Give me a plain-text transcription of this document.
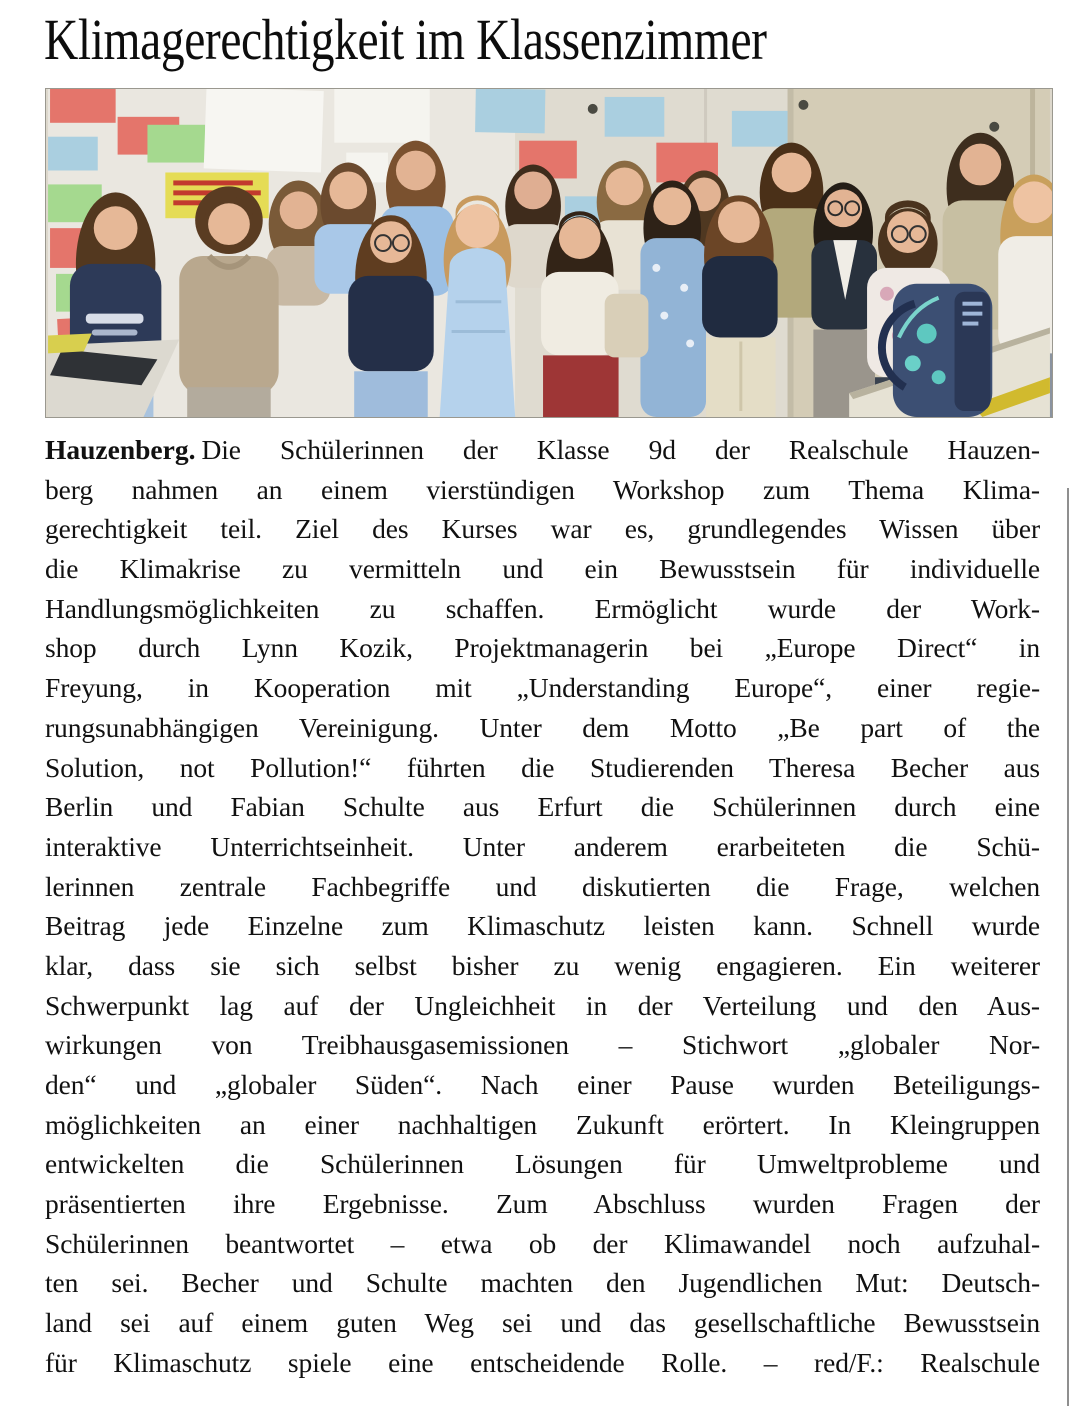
Klimagerechtigkeit im Klassenzimmer
Hauzenberg. Die Schülerinnen der Klasse 9d der Realschule Hauzen-
berg nahmen an einem vierstündigen Workshop zum Thema Klima-
gerechtigkeit teil. Ziel des Kurses war es, grundlegendes Wissen über
die Klimakrise zu vermitteln und ein Bewusstsein für individuelle
Handlungsmöglichkeiten zu schaffen. Ermöglicht wurde der Work-
shop durch Lynn Kozik, Projektmanagerin bei „Europe Direct“ in
Freyung, in Kooperation mit „Understanding Europe“, einer regie-
rungsunabhängigen Vereinigung. Unter dem Motto „Be part of the
Solution, not Pollution!“ führten die Studierenden Theresa Becher aus
Berlin und Fabian Schulte aus Erfurt die Schülerinnen durch eine
interaktive Unterrichtseinheit. Unter anderem erarbeiteten die Schü-
lerinnen zentrale Fachbegriffe und diskutierten die Frage, welchen
Beitrag jede Einzelne zum Klimaschutz leisten kann. Schnell wurde
klar, dass sie sich selbst bisher zu wenig engagieren. Ein weiterer
Schwerpunkt lag auf der Ungleichheit in der Verteilung und den Aus-
wirkungen von Treibhausgasemissionen – Stichwort „globaler Nor-
den“ und „globaler Süden“. Nach einer Pause wurden Beteiligungs-
möglichkeiten an einer nachhaltigen Zukunft erörtert. In Kleingruppen
entwickelten die Schülerinnen Lösungen für Umweltprobleme und
präsentierten ihre Ergebnisse. Zum Abschluss wurden Fragen der
Schülerinnen beantwortet – etwa ob der Klimawandel noch aufzuhal-
ten sei. Becher und Schulte machten den Jugendlichen Mut: Deutsch-
land sei auf einem guten Weg sei und das gesellschaftliche Bewusstsein
für Klimaschutz spiele eine entscheidende Rolle. – red/F.: Realschule
